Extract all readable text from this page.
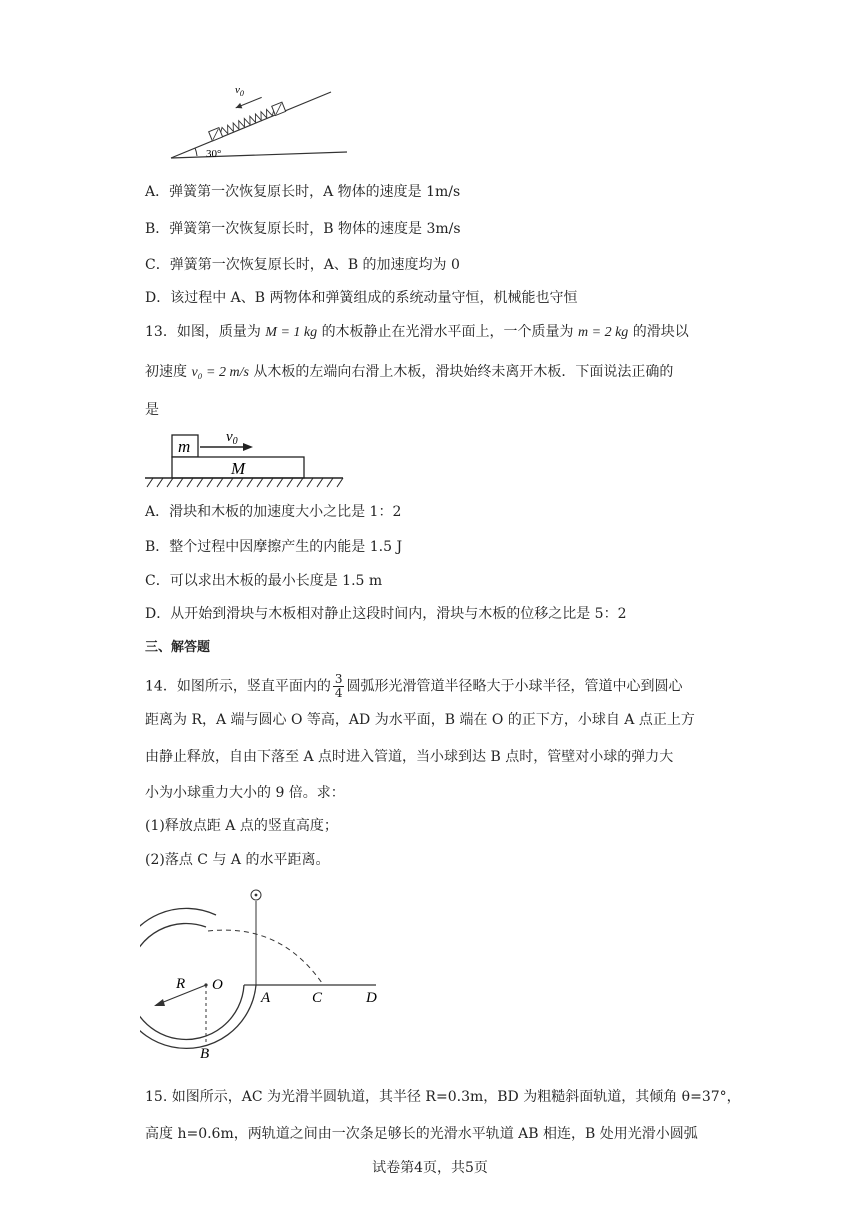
$v_0$
30°
A．弹簧第一次恢复原长时，A 物体的速度是 1m/s
B．弹簧第一次恢复原长时，B 物体的速度是 3m/s
C．弹簧第一次恢复原长时，A、B 的加速度均为 0
D．该过程中 A、B 两物体和弹簧组成的系统动量守恒，机械能也守恒
13．如图，质量为 M = 1 kg 的木板静止在光滑水平面上，一个质量为 m = 2 kg 的滑块以
初速度 v₀ = 2 m/s 从木板的左端向右滑上木板，滑块始终未离开木板．下面说法正确的
是
m
M
$v_0$
A．滑块和木板的加速度大小之比是 1：2
B．整个过程中因摩擦产生的内能是 1.5 J
C．可以求出木板的最小长度是 1.5 m
D．从开始到滑块与木板相对静止这段时间内，滑块与木板的位移之比是 5：2
三、解答题
14．如图所示，竖直平面内的 $\frac{3}{4}$ 圆弧形光滑管道半径略大于小球半径，管道中心到圆心
距离为 R，A 端与圆心 O 等高，AD 为水平面，B 端在 O 的正下方，小球自 A 点正上方
由静止释放，自由下落至 A 点时进入管道，当小球到达 B 点时，管壁对小球的弹力大
小为小球重力大小的 9 倍。求：
(1)释放点距 A 点的竖直高度；
(2)落点 C 与 A 的水平距离。
R O
A	C	D
B
15. 如图所示，AC 为光滑半圆轨道，其半径 R=0.3m，BD 为粗糙斜面轨道，其倾角 θ=37°，
高度 h=0.6m，两轨道之间由一次条足够长的光滑水平轨道 AB 相连，B 处用光滑小圆弧
试卷第4页，共5页
